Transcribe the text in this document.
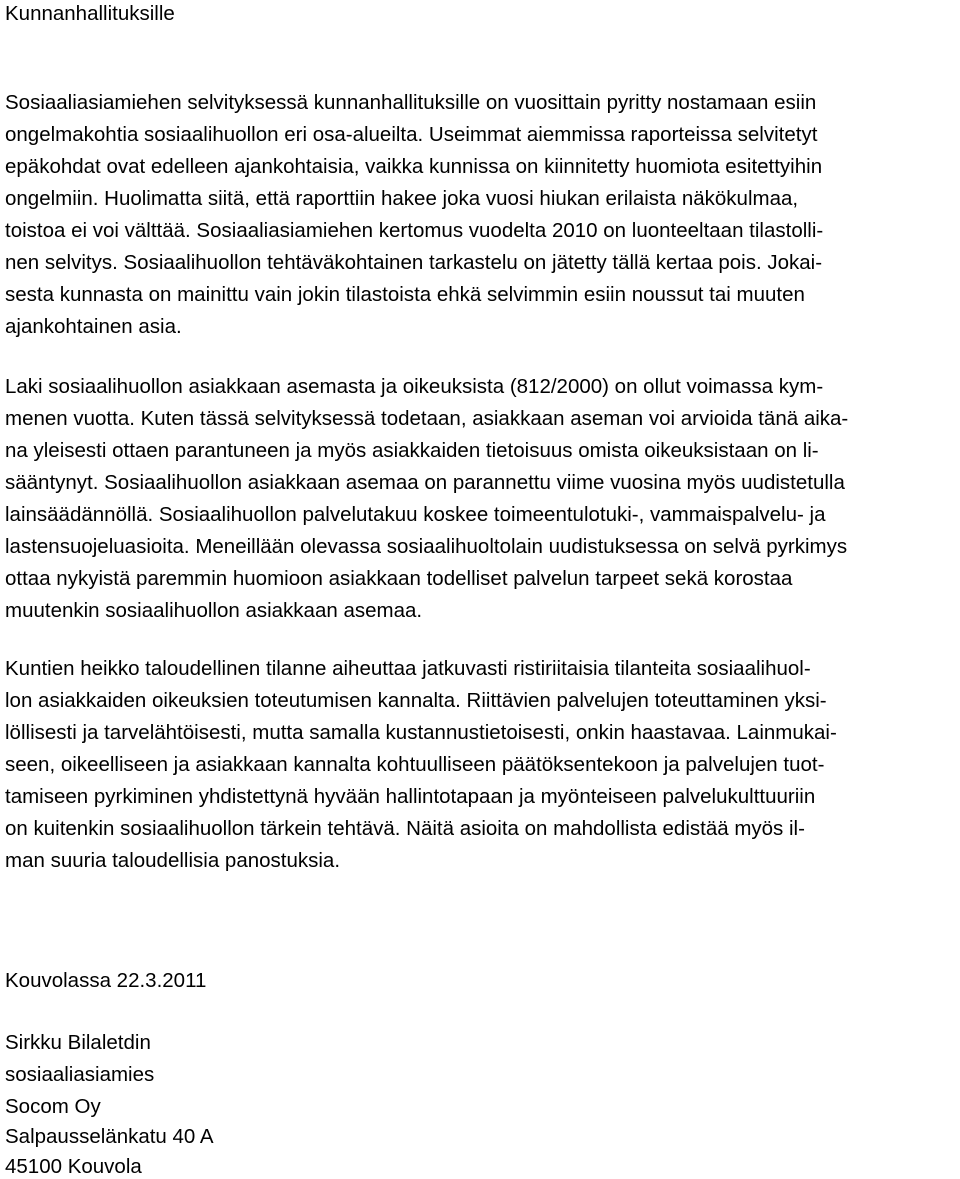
Kunnanhallituksille
Sosiaaliasiamiehen selvityksessä kunnanhallituksille on vuosittain pyritty nostamaan esiin
ongelmakohtia sosiaalihuollon eri osa-alueilta. Useimmat aiemmissa raporteissa selvitetyt
epäkohdat ovat edelleen ajankohtaisia, vaikka kunnissa on kiinnitetty huomiota esitettyihin
ongelmiin. Huolimatta siitä, että raporttiin hakee joka vuosi hiukan erilaista näkökulmaa,
toistoa ei voi välttää. Sosiaaliasiamiehen kertomus vuodelta 2010 on luonteeltaan tilastolli-
nen selvitys. Sosiaalihuollon tehtäväkohtainen tarkastelu on jätetty tällä kertaa pois. Jokai-
sesta kunnasta on mainittu vain jokin tilastoista ehkä selvimmin esiin noussut tai muuten
ajankohtainen asia.
Laki sosiaalihuollon asiakkaan asemasta ja oikeuksista (812/2000) on ollut voimassa kym-
menen vuotta. Kuten tässä selvityksessä todetaan, asiakkaan aseman voi arvioida tänä aika-
na yleisesti ottaen parantuneen ja myös asiakkaiden tietoisuus omista oikeuksistaan on li-
sääntynyt. Sosiaalihuollon asiakkaan asemaa on parannettu viime vuosina myös uudistetulla
lainsäädännöllä. Sosiaalihuollon palvelutakuu koskee toimeentulotuki-, vammaispalvelu- ja
lastensuojeluasioita. Meneillään olevassa sosiaalihuoltolain uudistuksessa on selvä pyrkimys
ottaa nykyistä paremmin huomioon asiakkaan todelliset palvelun tarpeet sekä korostaa
muutenkin sosiaalihuollon asiakkaan asemaa.
Kuntien heikko taloudellinen tilanne aiheuttaa jatkuvasti ristiriitaisia tilanteita sosiaalihuol-
lon asiakkaiden oikeuksien toteutumisen kannalta. Riittävien palvelujen toteuttaminen yksi-
löllisesti ja tarvelähtöisesti, mutta samalla kustannustietoisesti, onkin haastavaa. Lainmukai-
seen, oikeelliseen ja asiakkaan kannalta kohtuulliseen päätöksentekoon ja palvelujen tuot-
tamiseen pyrkiminen yhdistettynä hyvään hallintotapaan ja myönteiseen palvelukulttuuriin
on kuitenkin sosiaalihuollon tärkein tehtävä. Näitä asioita on mahdollista edistää myös il-
man suuria taloudellisia panostuksia.
Kouvolassa 22.3.2011
Sirkku Bilaletdin
sosiaaliasiamies
Socom Oy
Salpausselänkatu 40 A
45100 Kouvola
